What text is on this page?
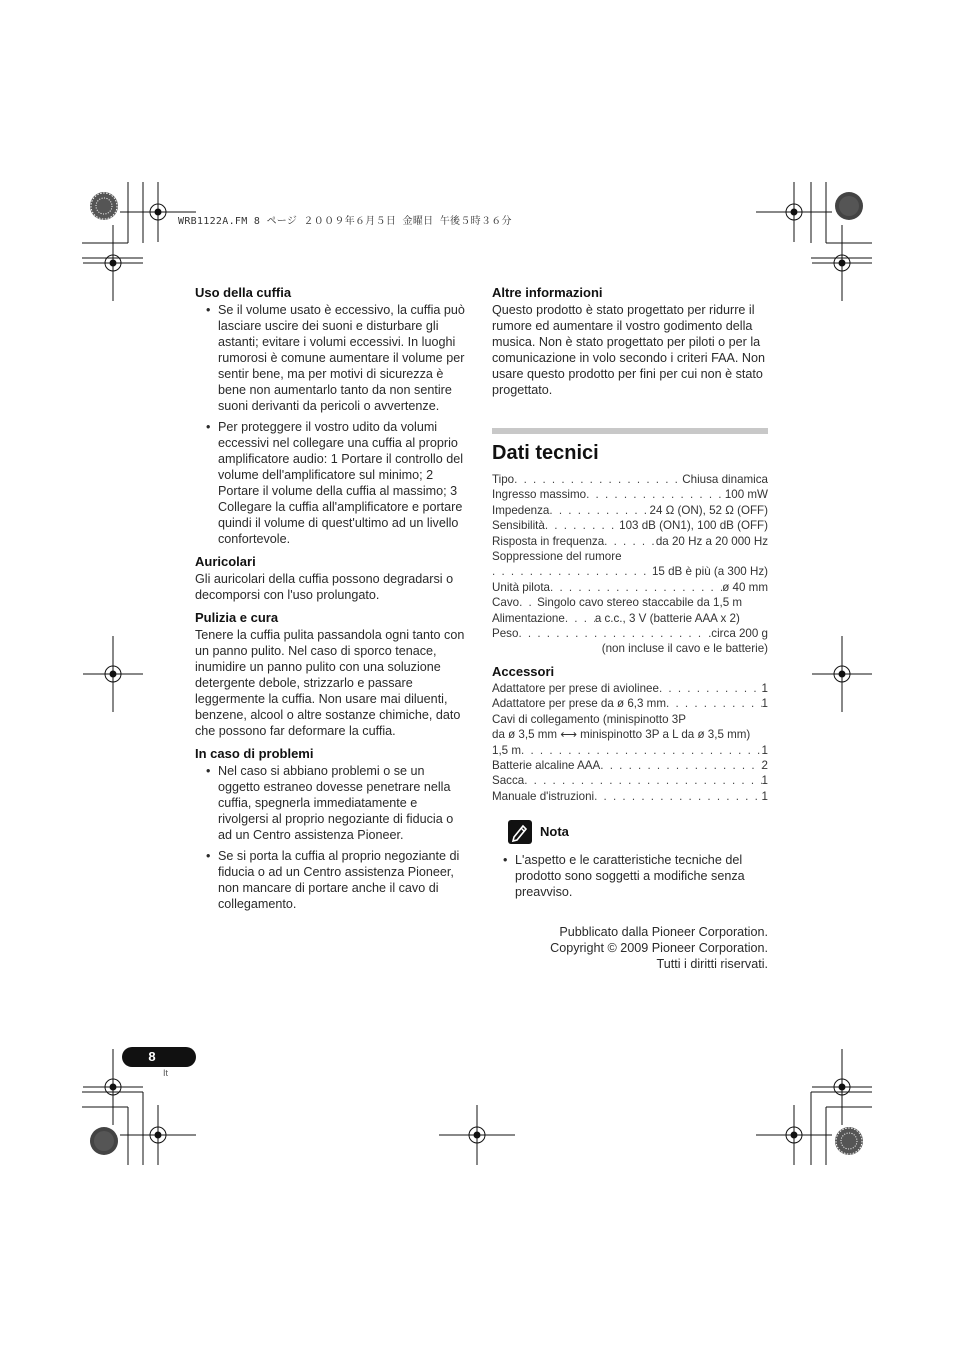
WRB1122A.FM 8 ページ ２００９年６月５日 金曜日 午後５時３６分
Uso della cuffia
• Se il volume usato è eccessivo, la cuffia può lasciare uscire dei suoni e disturbare gli astanti; evitare i volumi eccessivi. In luoghi rumorosi è comune aumentare il volume per sentir bene, ma per motivi di sicurezza è bene non aumentarlo tanto da non sentire suoni derivanti da pericoli o avvertenze.
• Per proteggere il vostro udito da volumi eccessivi nel collegare una cuffia al proprio amplificatore audio: 1 Portare il controllo del volume dell'amplificatore sul minimo; 2 Portare il volume della cuffia al massimo; 3 Collegare la cuffia all'amplificatore e portare quindi il volume di quest'ultimo ad un livello confortevole.
Auricolari

Gli auricolari della cuffia possono degradarsi o decomporsi con l'uso prolungato.

Pulizia e cura

Tenere la cuffia pulita passandola ogni tanto con un panno pulito. Nel caso di sporco tenace, inumidire un panno pulito con una soluzione detergente debole, strizzarlo e passare leggermente la cuffia. Non usare mai diluenti, benzene, alcool o altre sostanze chimiche, dato che possono far deformare la cuffia.

In caso di problemi
• Nel caso si abbiano problemi o se un oggetto estraneo dovesse penetrare nella cuffia, spegnerla immediatamente e rivolgersi al proprio negoziante di fiducia o ad un Centro assistenza Pioneer.
• Se si porta la cuffia al proprio negoziante di fiducia o ad un Centro assistenza Pioneer, non mancare di portare anche il cavo di collegamento.
Altre informazioni

Questo prodotto è stato progettato per ridurre il rumore ed aumentare il vostro godimento della musica. Non è stato progettato per piloti o per la comunicazione in volo secondo i criteri FAA. Non usare questo prodotto per fini per cui non è stato progettato.

Dati tecnici
Tipo . . .	Chiusa dinamica
Ingresso massimo . . .	100 mW
Impedenza . . .	24 Ω (ON), 52 Ω (OFF)
Sensibilità . . .	103 dB (ON1), 100 dB (OFF)
Risposta in frequenza . . .	da 20 Hz a 20 000 Hz
Soppressione del rumore
. . .
15 dB è più (a 300 Hz)
Unità pilota . . .	ø 40 mm
Cavo . . . Singolo cavo stereo staccabile da 1,5 m
Alimentazione . . .	a c.c., 3 V (batterie AAA x 2)
Peso . . .	.circa 200 g
(non incluse il cavo e le batterie)
Accessori
Adattatore per prese di aviolinee . . .	1
Adattatore per prese da ø 6,3 mm . . .	1
Cavi di collegamento (minispinotto 3P
da ø 3,5 mm ⟷ minispinotto 3P a L da ø 3,5 mm)
1,5 m . . .	1
Batterie alcaline AAA . . .	2
Sacca . . .	1
Manuale d'istruzioni . . .	1
Nota
• L'aspetto e le caratteristiche tecniche del prodotto sono soggetti a modifiche senza preavviso.
Pubblicato dalla Pioneer Corporation.
Copyright © 2009 Pioneer Corporation.
Tutti i diritti riservati.
8
It
